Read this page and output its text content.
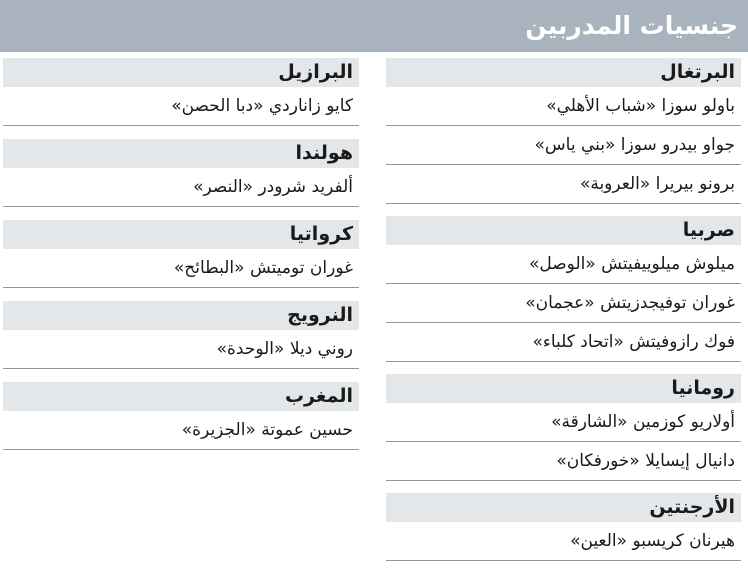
جنسيات المدربين
البرتغال
باولو سوزا «شباب الأهلي»
جواو بيدرو سوزا «بني ياس»
برونو بيريرا «العروبة»
صربيا
ميلوش ميلوييفيتش «الوصل»
غوران توفيجدزيتش «عجمان»
فوك رازوفيتش «اتحاد كلباء»
رومانيا
أولاريو كوزمين «الشارقة»
دانيال إيسايلا «خورفكان»
الأرجنتين
هيرنان كريسبو «العين»
البرازيل
كايو زاناردي «دبا الحصن»
هولندا
ألفريد شرودر «النصر»
كرواتيا
غوران توميتش «البطائح»
النرويج
روني ديلا «الوحدة»
المغرب
حسين عموتة «الجزيرة»
